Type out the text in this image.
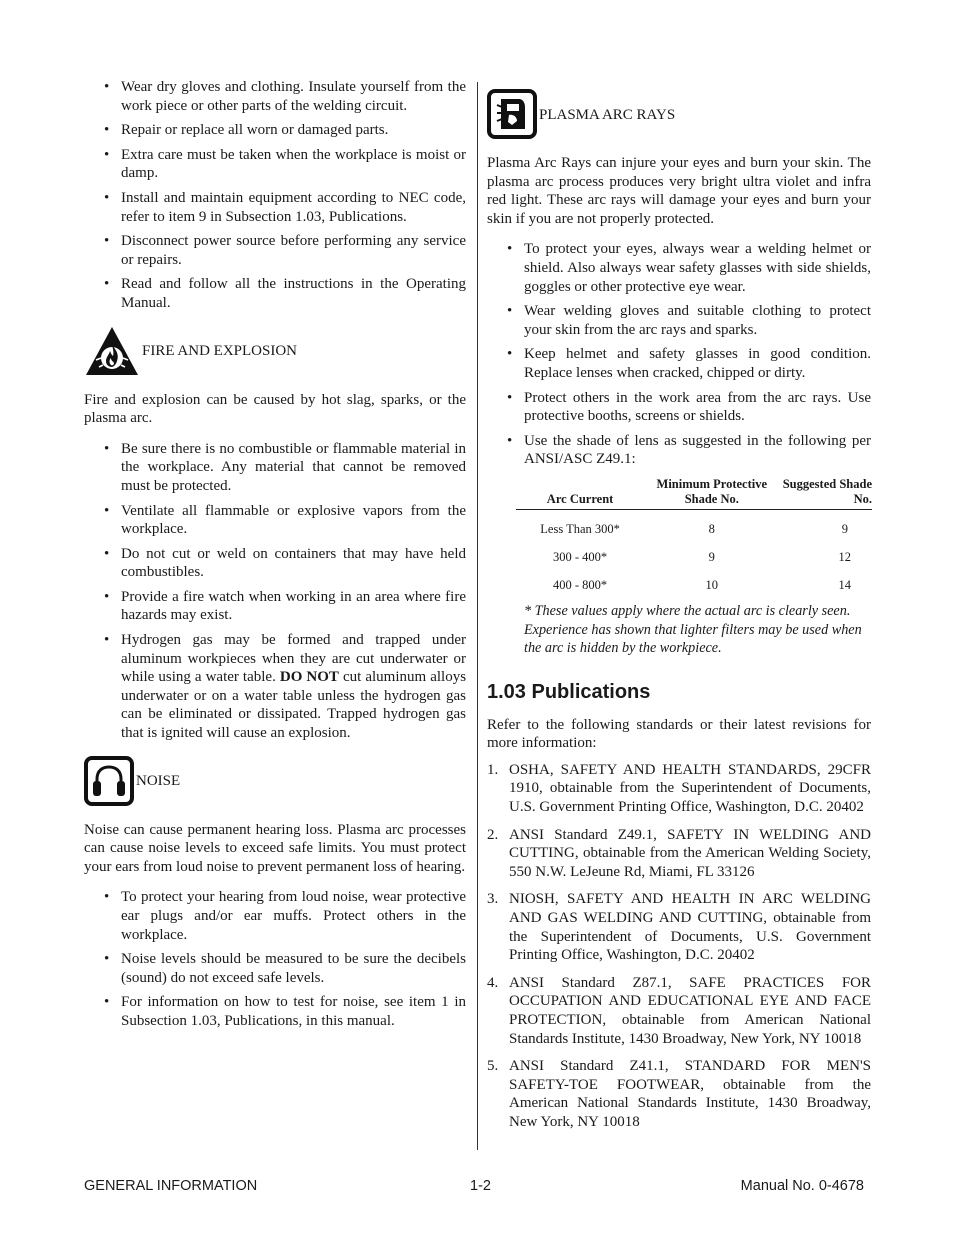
• Wear dry gloves and clothing. Insulate yourself from the work piece or other parts of the welding circuit.
• Repair or replace all worn or damaged parts.
• Extra care must be taken when the workplace is moist or damp.
• Install and maintain equipment according to NEC code, refer to item 9 in Subsection 1.03, Publications.
• Disconnect power source before performing any service or repairs.
• Read and follow all the instructions in the Operating Manual.
FIRE AND EXPLOSION

Fire and explosion can be caused by hot slag, sparks, or the plasma arc.

• Be sure there is no combustible or flammable material in the workplace. Any material that cannot be removed must be protected.
• Ventilate all flammable or explosive vapors from the workplace.
• Do not cut or weld on containers that may have held combustibles.
• Provide a fire watch when working in an area where fire hazards may exist.
• Hydrogen gas may be formed and trapped under aluminum workpieces when they are cut underwater or while using a water table. DO NOT cut aluminum alloys underwater or on a water table unless the hydrogen gas can be eliminated or dissipated. Trapped hydrogen gas that is ignited will cause an explosion.
NOISE

Noise can cause permanent hearing loss. Plasma arc processes can cause noise levels to exceed safe limits. You must protect your ears from loud noise to prevent permanent loss of hearing.

• To protect your hearing from loud noise, wear protective ear plugs and/or ear muffs. Protect others in the workplace.
• Noise levels should be measured to be sure the decibels (sound) do not exceed safe levels.
• For information on how to test for noise, see item 1 in Subsection 1.03, Publications, in this manual.
PLASMA ARC RAYS

Plasma Arc Rays can injure your eyes and burn your skin. The plasma arc process produces very bright ultra violet and infra red light. These arc rays will damage your eyes and burn your skin if you are not properly protected.

• To protect your eyes, always wear a welding helmet or shield. Also always wear safety glasses with side shields, goggles or other protective eye wear.
• Wear welding gloves and suitable clothing to protect your skin from the arc rays and sparks.
• Keep helmet and safety glasses in good condition. Replace lenses when cracked, chipped or dirty.
• Protect others in the work area from the arc rays. Use protective booths, screens or shields.
• Use the shade of lens as suggested in the following per ANSI/ASC Z49.1:
Arc Current	Minimum Protective Shade No.	Suggested Shade No.
Less Than 300*	8	9
300 - 400*	9	12
400 - 800*	10	14

* These values apply where the actual arc is clearly seen. Experience has shown that lighter filters may be used when the arc is hidden by the workpiece.

1.03 Publications

Refer to the following standards or their latest revisions for more information:

1. OSHA, SAFETY AND HEALTH STANDARDS, 29CFR 1910, obtainable from the Superintendent of Documents, U.S. Government Printing Office, Washington, D.C. 20402
2. ANSI Standard Z49.1, SAFETY IN WELDING AND CUTTING, obtainable from the American Welding Society, 550 N.W. LeJeune Rd, Miami, FL 33126
3. NIOSH, SAFETY AND HEALTH IN ARC WELDING AND GAS WELDING AND CUTTING, obtainable from the Superintendent of Documents, U.S. Government Printing Office, Washington, D.C. 20402
4. ANSI Standard Z87.1, SAFE PRACTICES FOR OCCUPATION AND EDUCATIONAL EYE AND FACE PROTECTION, obtainable from American National Standards Institute, 1430 Broadway, New York, NY 10018
5. ANSI Standard Z41.1, STANDARD FOR MEN'S SAFETY-TOE FOOTWEAR, obtainable from the American National Standards Institute, 1430 Broadway, New York, NY 10018
GENERAL INFORMATION	1-2	Manual No. 0-4678
